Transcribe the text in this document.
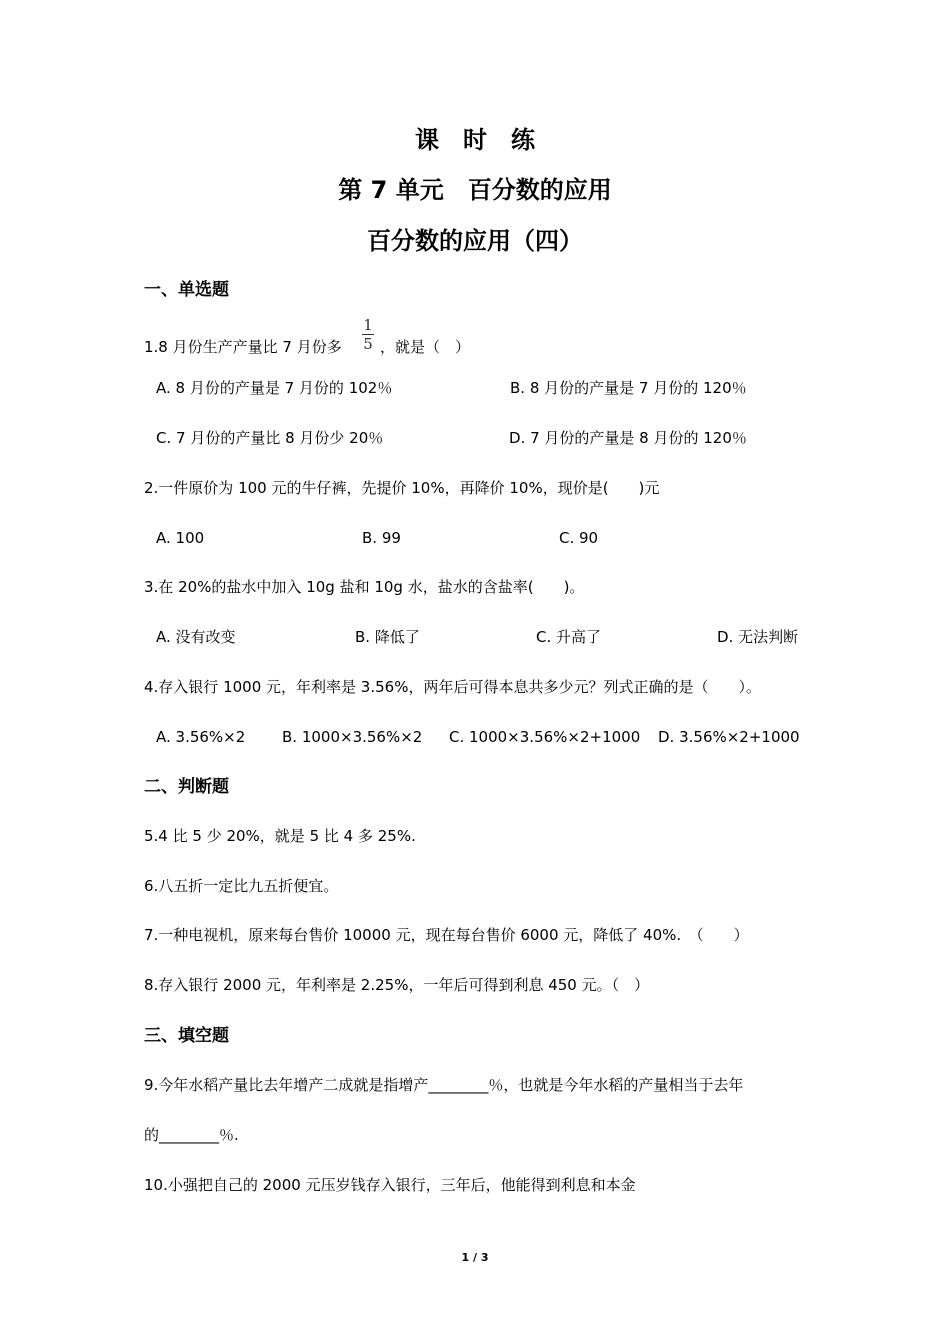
课　时　练
第 7 单元　百分数的应用
百分数的应用（四）
一、单选题
1.8 月份生产产量比 7 月份多
1
5 ，就是（　）
A. 8 月份的产量是 7 月份的 102％	B. 8 月份的产量是 7 月份的 120％
C. 7 月份的产量比 8 月份少 20％	D. 7 月份的产量是 8 月份的 120％
2.一件原价为 100 元的牛仔裤，先提价 10%，再降价 10%，现价是(　　)元
A. 100	B. 99	C. 90
3.在 20%的盐水中加入 10g 盐和 10g 水，盐水的含盐率(　　)。
A. 没有改变	B. 降低了	C. 升高了	D. 无法判断
4.存入银行 1000 元，年利率是 3.56%，两年后可得本息共多少元？列式正确的是（　　）。
A. 3.56%×2 B. 1000×3.56%×2 C. 1000×3.56%×2+1000 D. 3.56%×2+1000
二、判断题
5.4 比 5 少 20%，就是 5 比 4 多 25%.
6.八五折一定比九五折便宜。
7.一种电视机，原来每台售价 10000 元，现在每台售价 6000 元，降低了 40%.　（　　）
8.存入银行 2000 元，年利率是 2.25%，一年后可得到利息 450 元。（　）
三、填空题
9.今年水稻产量比去年增产二成就是指增产________％，也就是今年水稻的产量相当于去年
的________％.
10.小强把自己的 2000 元压岁钱存入银行，三年后，他能得到利息和本金
1 / 3
